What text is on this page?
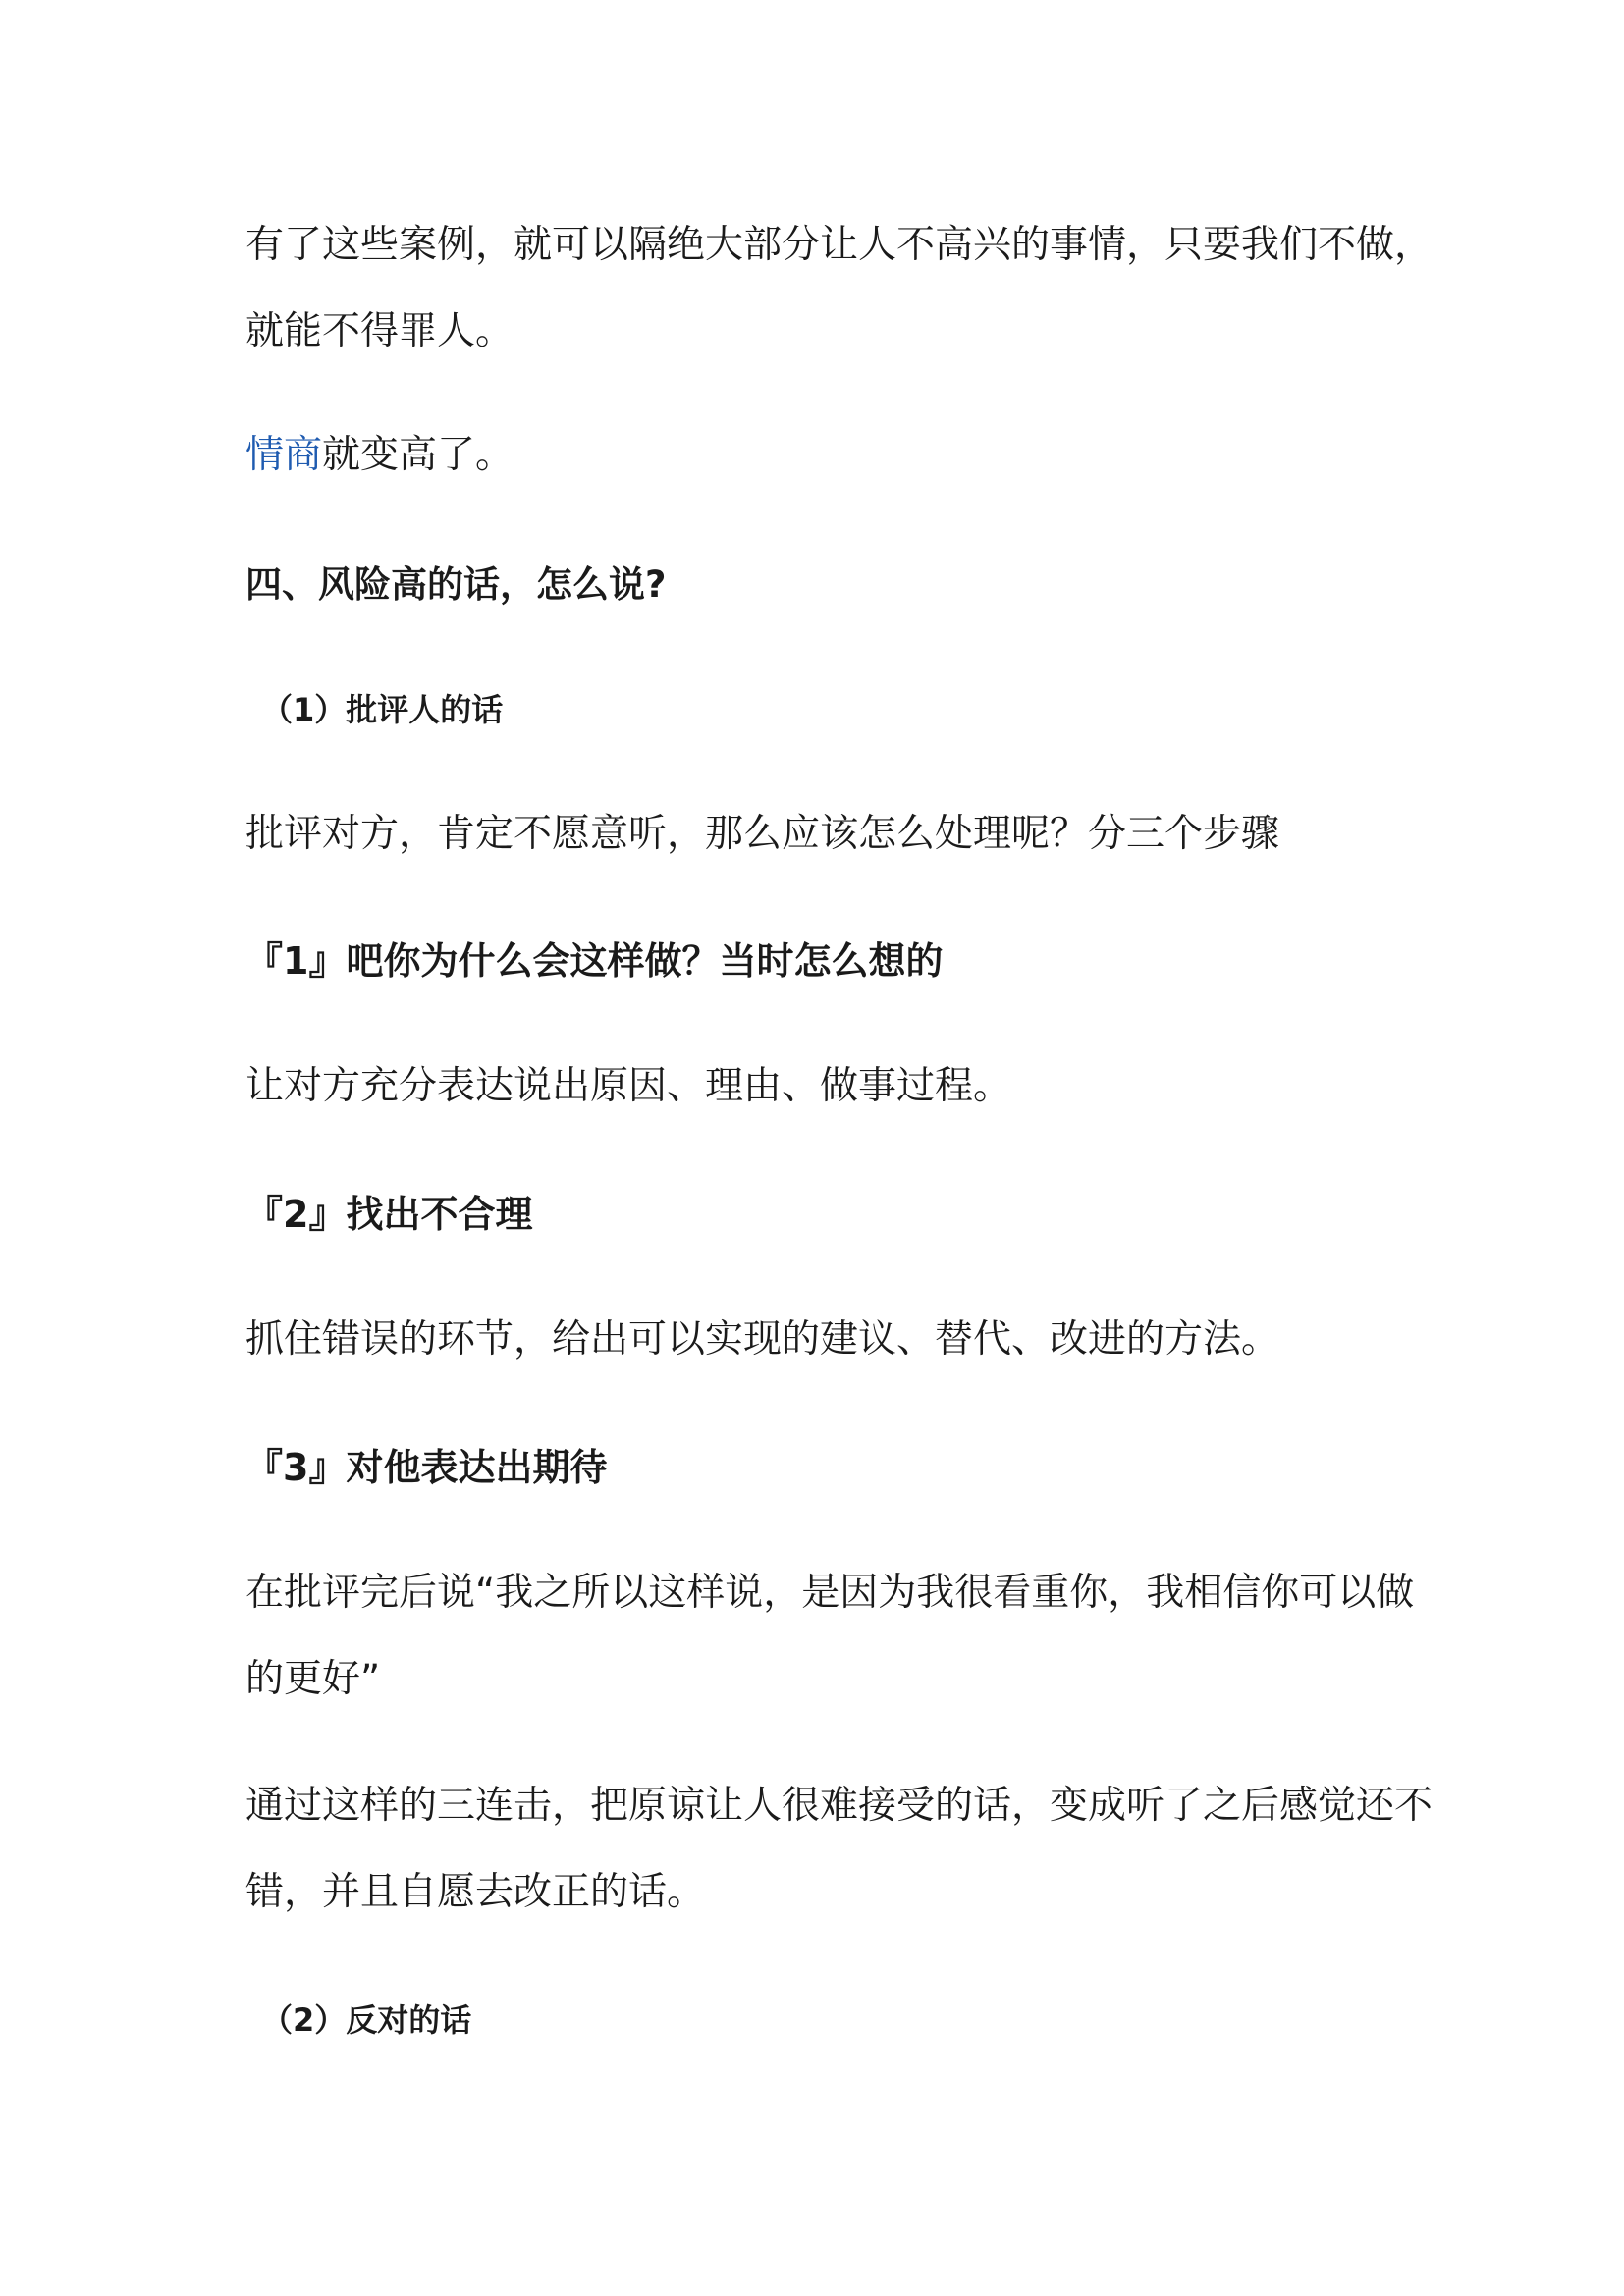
有了这些案例，就可以隔绝大部分让人不高兴的事情，只要我们不做，
就能不得罪人。

情商就变高了。

四、风险高的话，怎么说?
（1）批评人的话

批评对方，肯定不愿意听，那么应该怎么处理呢？分三个步骤

『1』吧你为什么会这样做？当时怎么想的

让对方充分表达说出原因、理由、做事过程。

『2』找出不合理

抓住错误的环节，给出可以实现的建议、替代、改进的方法。

『3』对他表达出期待

在批评完后说“我之所以这样说，是因为我很看重你，我相信你可以做
的更好”

通过这样的三连击，把原谅让人很难接受的话，变成听了之后感觉还不
错，并且自愿去改正的话。

（2）反对的话
